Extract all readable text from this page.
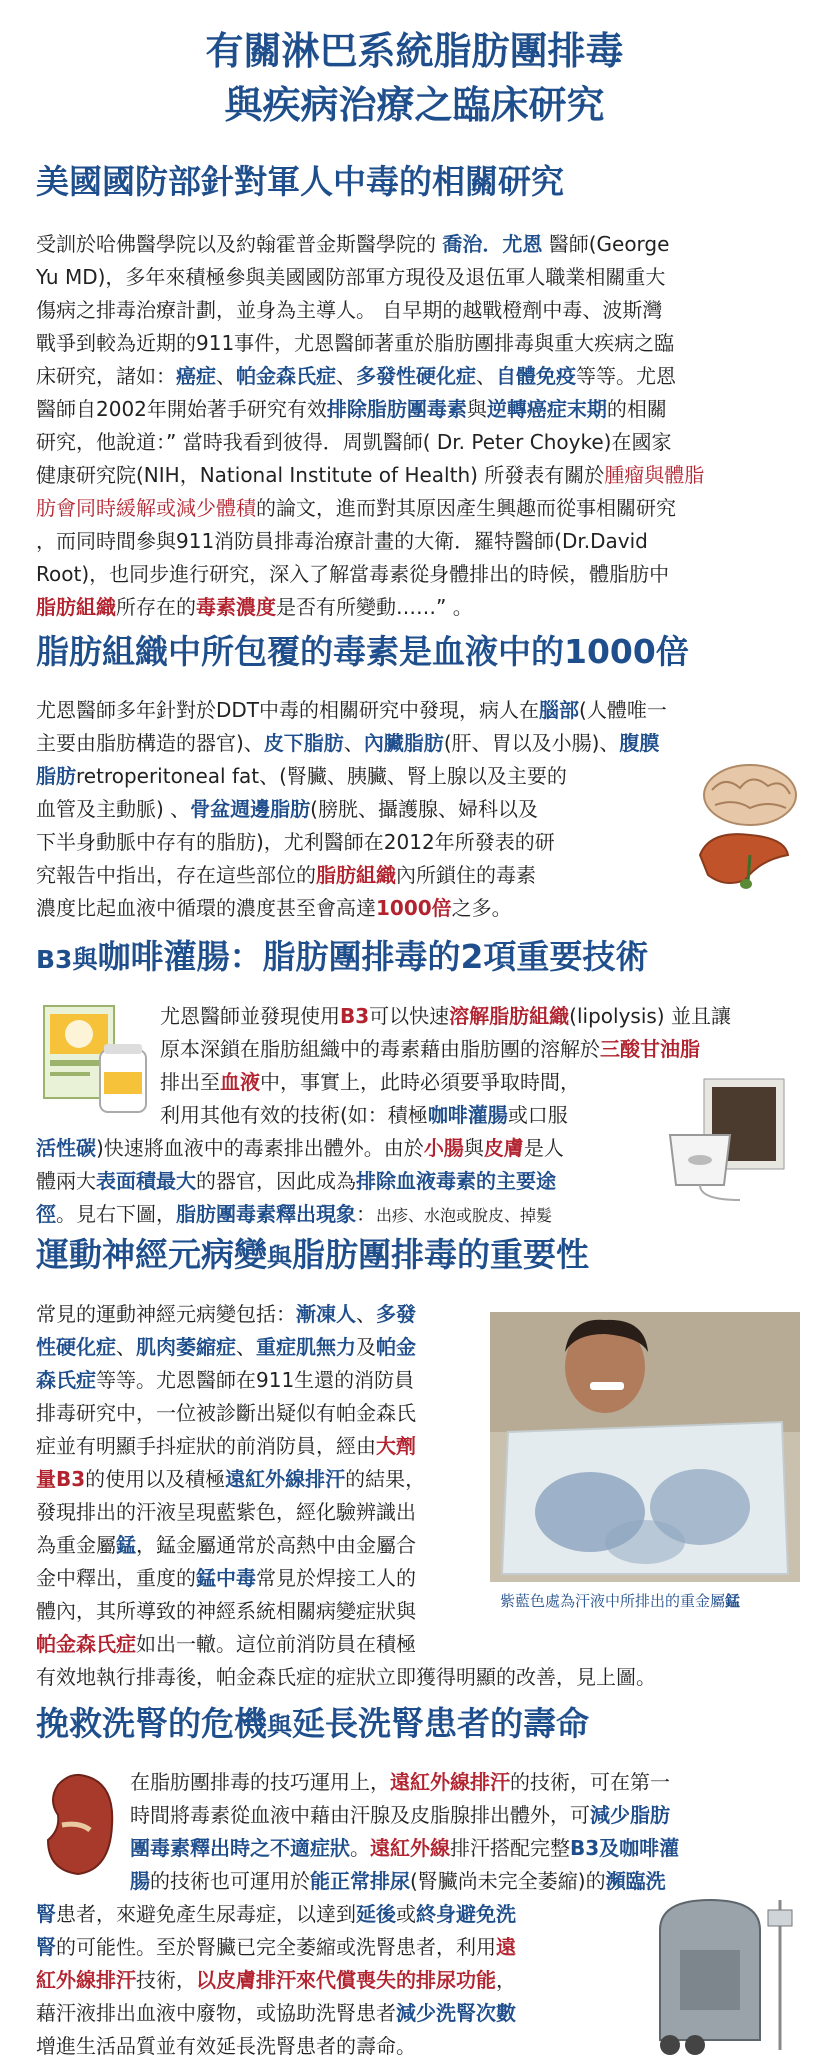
有關淋巴系統脂肪團排毒
與疾病治療之臨床研究
美國國防部針對軍人中毒的相關研究
受訓於哈佛醫學院以及約翰霍普金斯醫學院的 喬治．尤恩 醫師(George
Yu MD)，多年來積極參與美國國防部軍方現役及退伍軍人職業相關重大
傷病之排毒治療計劃，並身為主導人。 自早期的越戰橙劑中毒、波斯灣
戰爭到較為近期的911事件，尤恩醫師著重於脂肪團排毒與重大疾病之臨
床研究，諸如：癌症、帕金森氏症、多發性硬化症、自體免疫等等。尤恩
醫師自2002年開始著手研究有效排除脂肪團毒素與逆轉癌症末期的相關
研究，他說道：” 當時我看到彼得．周凱醫師( Dr. Peter Choyke)在國家
健康研究院(NIH，National Institute of Health) 所發表有關於腫瘤與體脂
肪會同時緩解或減少體積的論文，進而對其原因產生興趣而從事相關研究
，而同時間參與911消防員排毒治療計畫的大衛．羅特醫師(Dr.David
Root)，也同步進行研究，深入了解當毒素從身體排出的時候，體脂肪中
脂肪組織所存在的毒素濃度是否有所變動……” 。
脂肪組織中所包覆的毒素是血液中的1000倍
尤恩醫師多年針對於DDT中毒的相關研究中發現，病人在腦部(人體唯一
主要由脂肪構造的器官)、皮下脂肪、內臟脂肪(肝、胃以及小腸)、腹膜
脂肪retroperitoneal fat、(腎臟、胰臟、腎上腺以及主要的
血管及主動脈) 、骨盆週邊脂肪(膀胱、攝護腺、婦科以及
下半身動脈中存有的脂肪)，尤利醫師在2012年所發表的研
究報告中指出，存在這些部位的脂肪組織內所鎖住的毒素
濃度比起血液中循環的濃度甚至會高達1000倍之多。
B3與咖啡灌腸：脂肪團排毒的2項重要技術
尤恩醫師並發現使用B3可以快速溶解脂肪組織(lipolysis) 並且讓
原本深鎖在脂肪組織中的毒素藉由脂肪團的溶解於三酸甘油脂
排出至血液中，事實上，此時必須要爭取時間，
利用其他有效的技術(如：積極咖啡灌腸或口服
活性碳)快速將血液中的毒素排出體外。由於小腸與皮膚是人
體兩大表面積最大的器官，因此成為排除血液毒素的主要途
徑。見右下圖，脂肪團毒素釋出現象：出疹、水泡或脫皮、掉髮
運動神經元病變與脂肪團排毒的重要性
常見的運動神經元病變包括：漸凍人、多發
性硬化症、肌肉萎縮症、重症肌無力及帕金
森氏症等等。尤恩醫師在911生還的消防員
排毒研究中，一位被診斷出疑似有帕金森氏
症並有明顯手抖症狀的前消防員，經由大劑
量B3的使用以及積極遠紅外線排汗的結果，
發現排出的汗液呈現藍紫色，經化驗辨識出
為重金屬錳，錳金屬通常於高熱中由金屬合
金中釋出，重度的錳中毒常見於焊接工人的
體內，其所導致的神經系統相關病變症狀與
帕金森氏症如出一轍。這位前消防員在積極
有效地執行排毒後，帕金森氏症的症狀立即獲得明顯的改善，見上圖。
紫藍色處為汗液中所排出的重金屬錳
挽救洗腎的危機與延長洗腎患者的壽命
在脂肪團排毒的技巧運用上，遠紅外線排汗的技術，可在第一
時間將毒素從血液中藉由汗腺及皮脂腺排出體外，可減少脂肪
團毒素釋出時之不適症狀。遠紅外線排汗搭配完整B3及咖啡灌
腸的技術也可運用於能正常排尿(腎臟尚未完全萎縮)的瀕臨洗
腎患者，來避免產生尿毒症，以達到延後或終身避免洗
腎的可能性。至於腎臟已完全萎縮或洗腎患者，利用遠
紅外線排汗技術，以皮膚排汗來代償喪失的排尿功能，
藉汗液排出血液中廢物，或協助洗腎患者減少洗腎次數
增進生活品質並有效延長洗腎患者的壽命。
